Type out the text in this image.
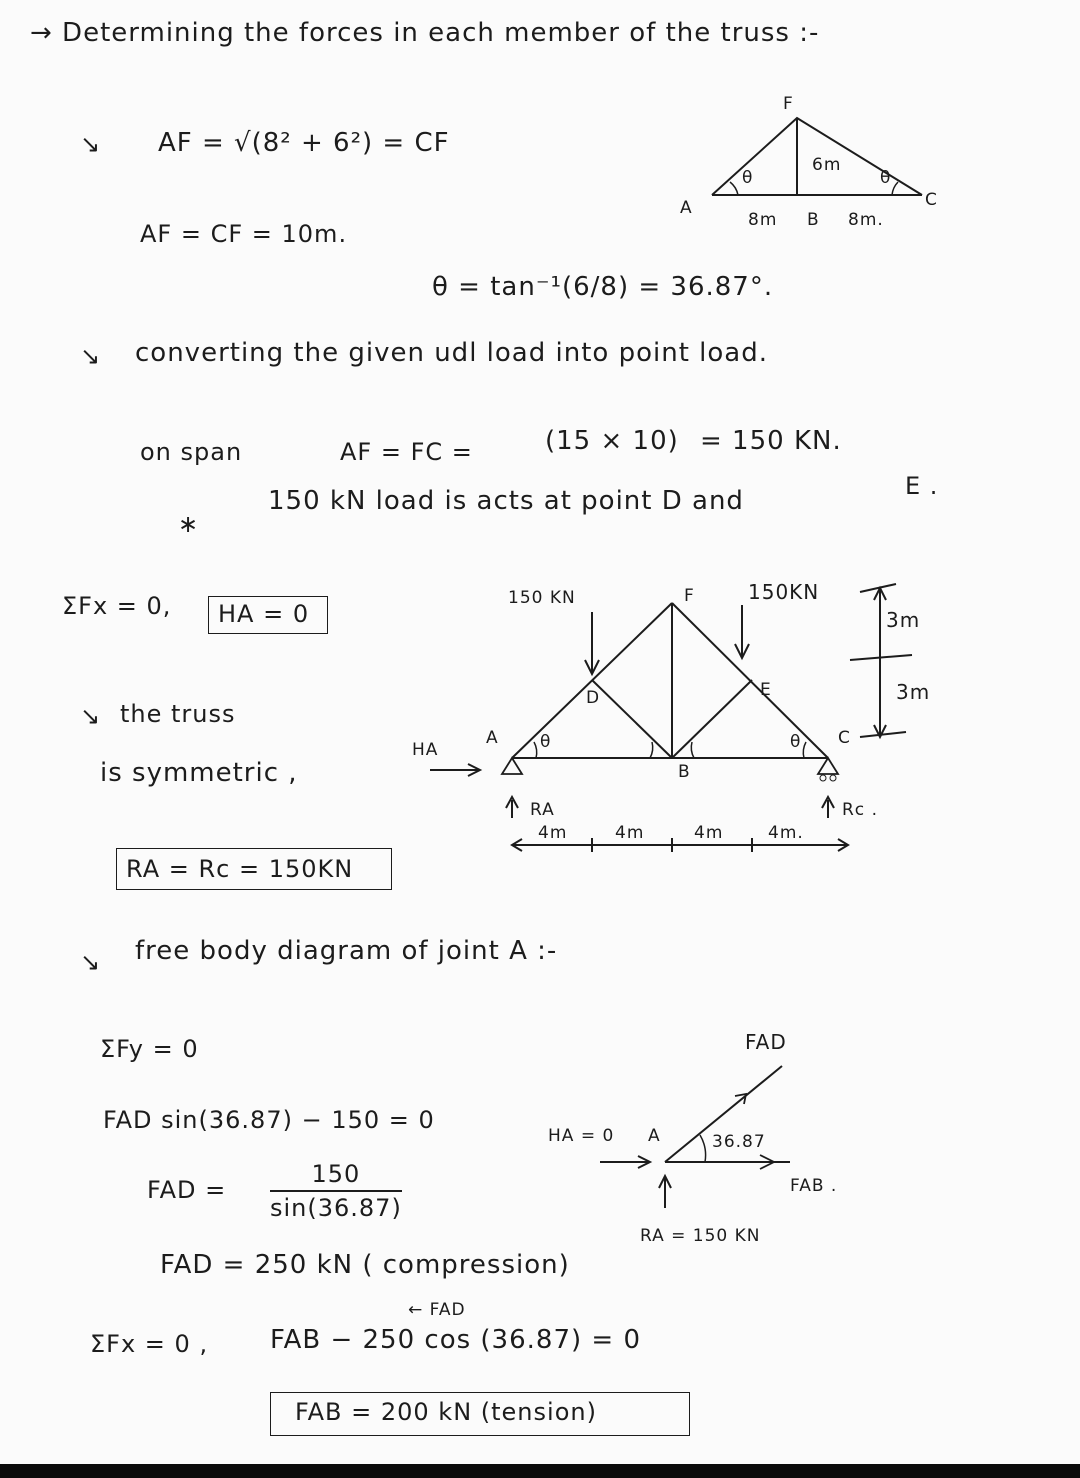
→ Determining the forces in each member of the truss :-
↘ AF = √(8² + 6²) = CF
AF = CF = 10m.
θ = tan⁻¹(6/8) = 36.87°.
F
A
B
C
θ	θ
6m
8m	8m.
↘ converting the given udl load into point load.
on span	AF = FC =	(15 × 10) = 150 KN.
∗
150 kN load is acts at point D and	E .
ΣFx = 0, HA = 0
↘ the truss
is symmetric ,
150 KN	150KN
3m
3m
F
D	E
A
B
C
HA
RA	Rc .
4m	4m	4m	4m.
θ	θ
RA = Rc = 150KN
↘ free body diagram of joint A :-
ΣFy = 0
FAD sin(36.87) − 150 = 0
FAD = $\frac{150}{\sin(36.87)}$
FAD = 250 kN ( compression)
ΣFx = 0 ,
← FAD
FAB − 250 cos (36.87) = 0
FAB = 200 kN (tension)
FAD
HA = 0 A	36.87
FAB .
RA = 150 KN
